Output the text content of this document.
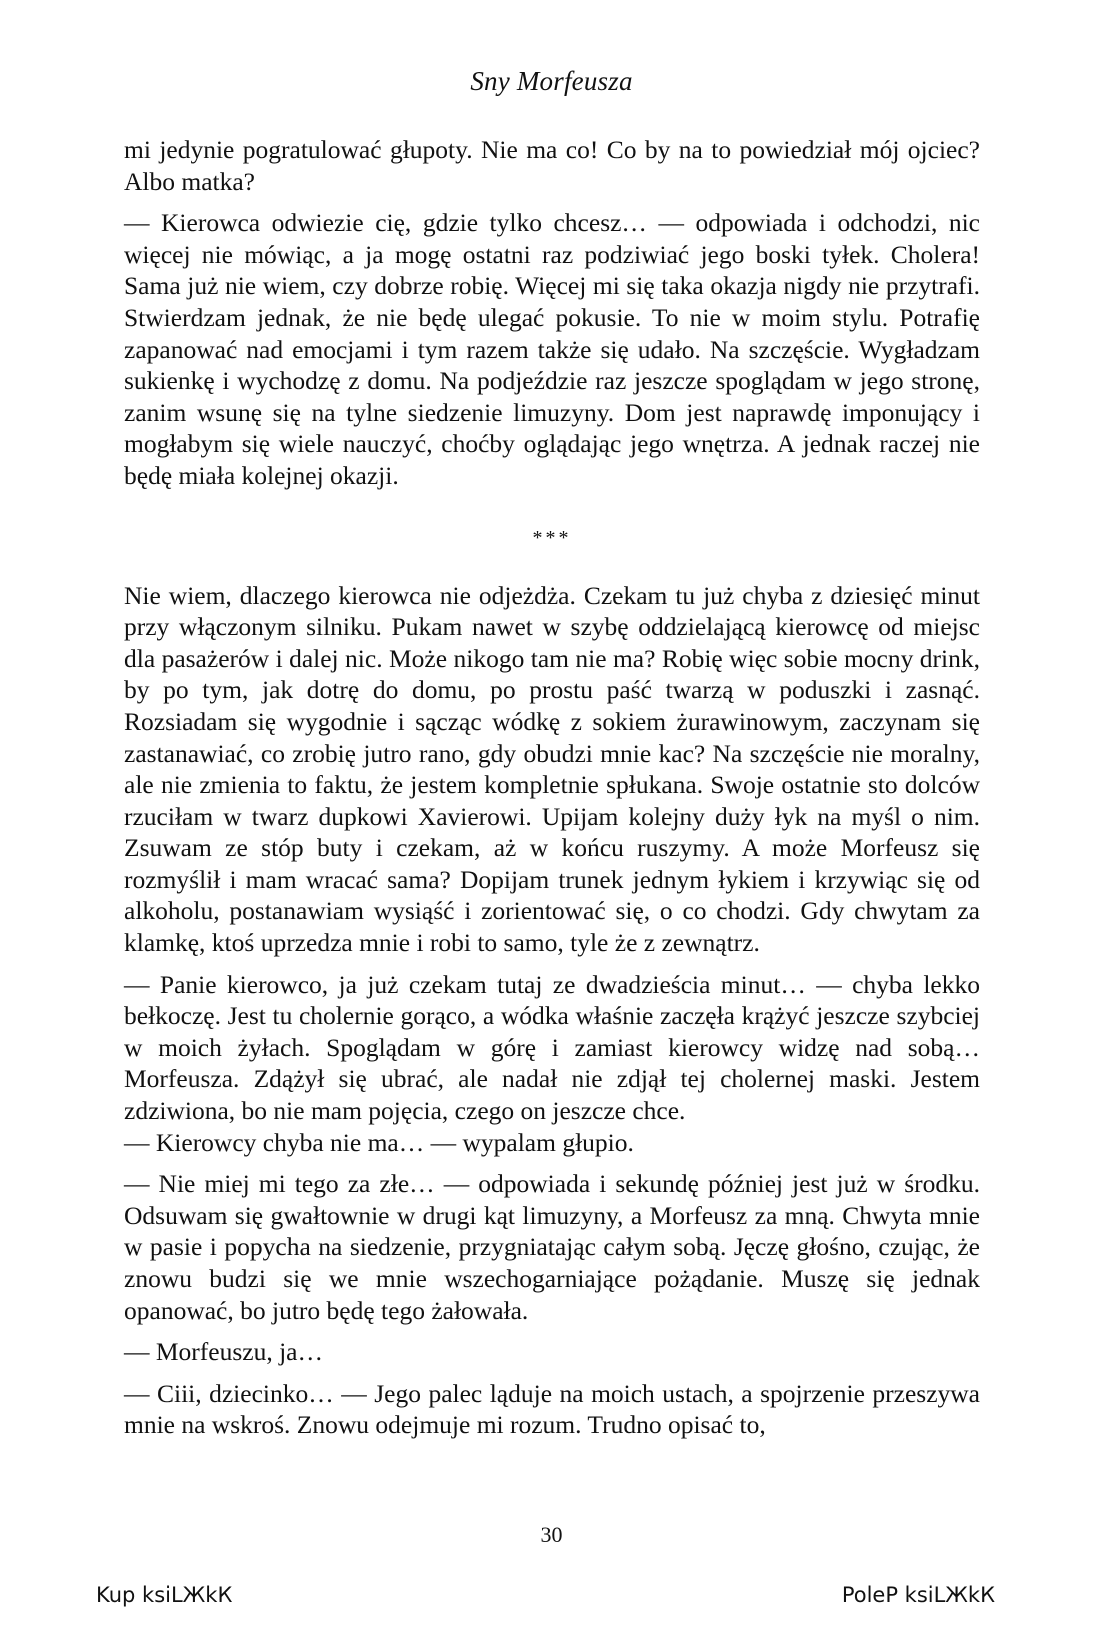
Sny Morfeusza

mi jedynie pogratulować głupoty. Nie ma co! Co by na to powiedział mój ojciec? Albo matka?

— Kierowca odwiezie cię, gdzie tylko chcesz… — odpowiada i odchodzi, nic więcej nie mówiąc, a ja mogę ostatni raz podziwiać jego boski tyłek. Cholera! Sama już nie wiem, czy dobrze robię. Więcej mi się taka okazja nigdy nie przytrafi. Stwierdzam jednak, że nie będę ulegać pokusie. To nie w moim stylu. Potrafię zapanować nad emocjami i tym razem także się udało. Na szczęście. Wygładzam sukienkę i wychodzę z domu. Na podjeździe raz jeszcze spoglądam w jego stronę, zanim wsunę się na tylne siedzenie limuzyny. Dom jest naprawdę imponujący i mogłabym się wiele nauczyć, choćby oglądając jego wnętrza. A jednak raczej nie będę miała kolejnej okazji.

***

Nie wiem, dlaczego kierowca nie odjeżdża. Czekam tu już chyba z dziesięć minut przy włączonym silniku. Pukam nawet w szybę oddzielającą kierowcę od miejsc dla pasażerów i dalej nic. Może nikogo tam nie ma? Robię więc sobie mocny drink, by po tym, jak dotrę do domu, po prostu paść twarzą w poduszki i zasnąć. Rozsiadam się wygodnie i sącząc wódkę z sokiem żurawinowym, zaczynam się zastanawiać, co zrobię jutro rano, gdy obudzi mnie kac? Na szczęście nie moralny, ale nie zmienia to faktu, że jestem kompletnie spłukana. Swoje ostatnie sto dolców rzuciłam w twarz dupkowi Xavierowi. Upijam kolejny duży łyk na myśl o nim. Zsuwam ze stóp buty i czekam, aż w końcu ruszymy. A może Morfeusz się rozmyślił i mam wracać sama? Dopijam trunek jednym łykiem i krzywiąc się od alkoholu, postanawiam wysiąść i zorientować się, o co chodzi. Gdy chwytam za klamkę, ktoś uprzedza mnie i robi to samo, tyle że z zewnątrz.

— Panie kierowco, ja już czekam tutaj ze dwadzieścia minut… — chyba lekko bełkoczę. Jest tu cholernie gorąco, a wódka właśnie zaczęła krążyć jeszcze szybciej w moich żyłach. Spoglądam w górę i zamiast kierowcy widzę nad sobą… Morfeusza. Zdążył się ubrać, ale nadał nie zdjął tej cholernej maski. Jestem zdziwiona, bo nie mam pojęcia, czego on jeszcze chce.

— Kierowcy chyba nie ma… — wypalam głupio.

— Nie miej mi tego za złe… — odpowiada i sekundę później jest już w środku. Odsuwam się gwałtownie w drugi kąt limuzyny, a Morfeusz za mną. Chwyta mnie w pasie i popycha na siedzenie, przygniatając całym sobą. Jęczę głośno, czując, że znowu budzi się we mnie wszechogarniające pożądanie. Muszę się jednak opanować, bo jutro będę tego żałowała.

— Morfeuszu, ja…

— Ciii, dziecinko… — Jego palec ląduje na moich ustach, a spojrzenie przeszywa mnie na wskroś. Znowu odejmuje mi rozum. Trudno opisać to,

30
Kup ksiLЖkК	PoleP ksiLЖkК
